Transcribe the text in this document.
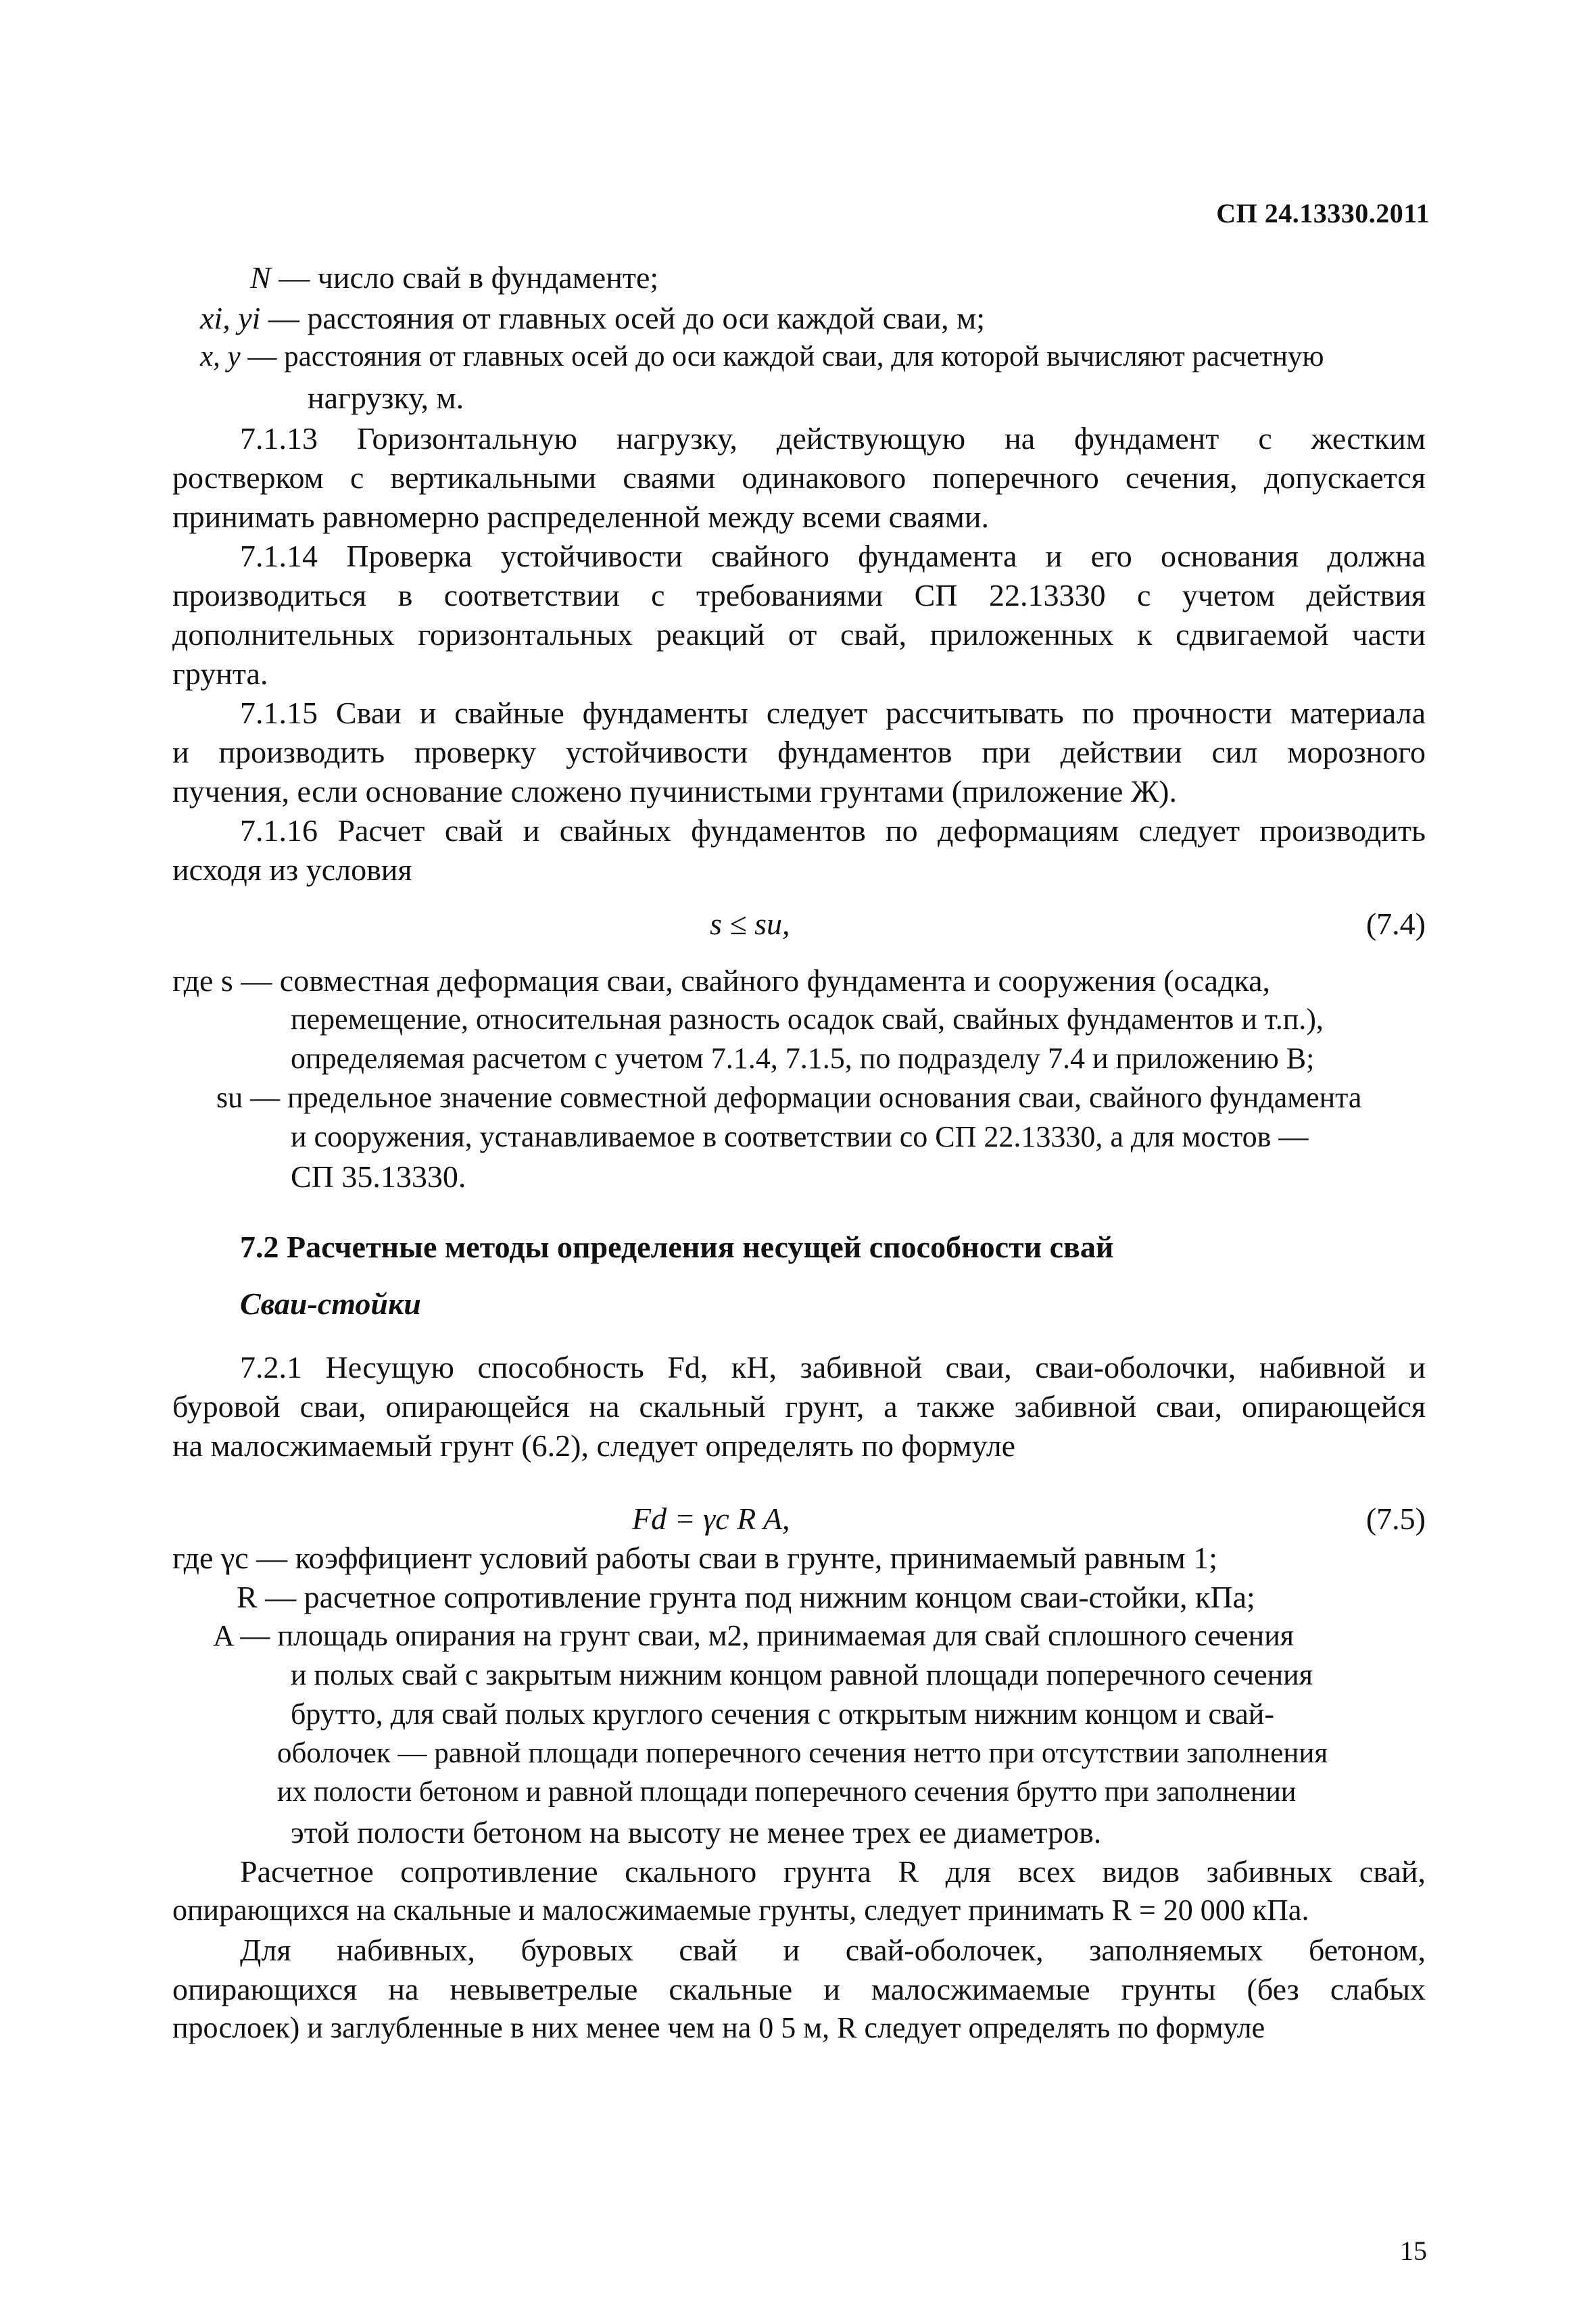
СП 24.13330.2011
N — число свай в фундаменте;
xi, yi — расстояния от главных осей до оси каждой сваи, м;
x, y — расстояния от главных осей до оси каждой сваи, для которой вычисляют расчетную
нагрузку, м.
7.1.13 Горизонтальную нагрузку, действующую на фундамент с жестким
ростверком с вертикальными сваями одинакового поперечного сечения, допускается
принимать равномерно распределенной между всеми сваями.
7.1.14 Проверка устойчивости свайного фундамента и его основания должна
производиться в соответствии с требованиями СП 22.13330 с учетом действия
дополнительных горизонтальных реакций от свай, приложенных к сдвигаемой части
грунта.
7.1.15 Сваи и свайные фундаменты следует рассчитывать по прочности материала
и производить проверку устойчивости фундаментов при действии сил морозного
пучения, если основание сложено пучинистыми грунтами (приложение Ж).
7.1.16 Расчет свай и свайных фундаментов по деформациям следует производить
исходя из условия
s ≤ su,	(7.4)
где s — совместная деформация сваи, свайного фундамента и сооружения (осадка,
перемещение, относительная разность осадок свай, свайных фундаментов и т.п.),
определяемая расчетом с учетом 7.1.4, 7.1.5, по подразделу 7.4 и приложению В;
su — предельное значение совместной деформации основания сваи, свайного фундамента
и сооружения, устанавливаемое в соответствии со СП 22.13330, а для мостов —
СП 35.13330.
7.2 Расчетные методы определения несущей способности свай
Сваи-стойки
7.2.1 Несущую способность Fd, кН, забивной сваи, сваи-оболочки, набивной и
буровой сваи, опирающейся на скальный грунт, а также забивной сваи, опирающейся
на малосжимаемый грунт (6.2), следует определять по формуле
Fd = γc R A,	(7.5)
где γc — коэффициент условий работы сваи в грунте, принимаемый равным 1;
R — расчетное сопротивление грунта под нижним концом сваи-стойки, кПа;
A — площадь опирания на грунт сваи, м2, принимаемая для свай сплошного сечения
и полых свай с закрытым нижним концом равной площади поперечного сечения
брутто, для свай полых круглого сечения с открытым нижним концом и свай-
оболочек — равной площади поперечного сечения нетто при отсутствии заполнения
их полости бетоном и равной площади поперечного сечения брутто при заполнении
этой полости бетоном на высоту не менее трех ее диаметров.
Расчетное сопротивление скального грунта R для всех видов забивных свай,
опирающихся на скальные и малосжимаемые грунты, следует принимать R = 20 000 кПа.
Для набивных, буровых свай и свай-оболочек, заполняемых бетоном,
опирающихся на невыветрелые скальные и малосжимаемые грунты (без слабых
прослоек) и заглубленные в них менее чем на 0 5 м, R следует определять по формуле
15
